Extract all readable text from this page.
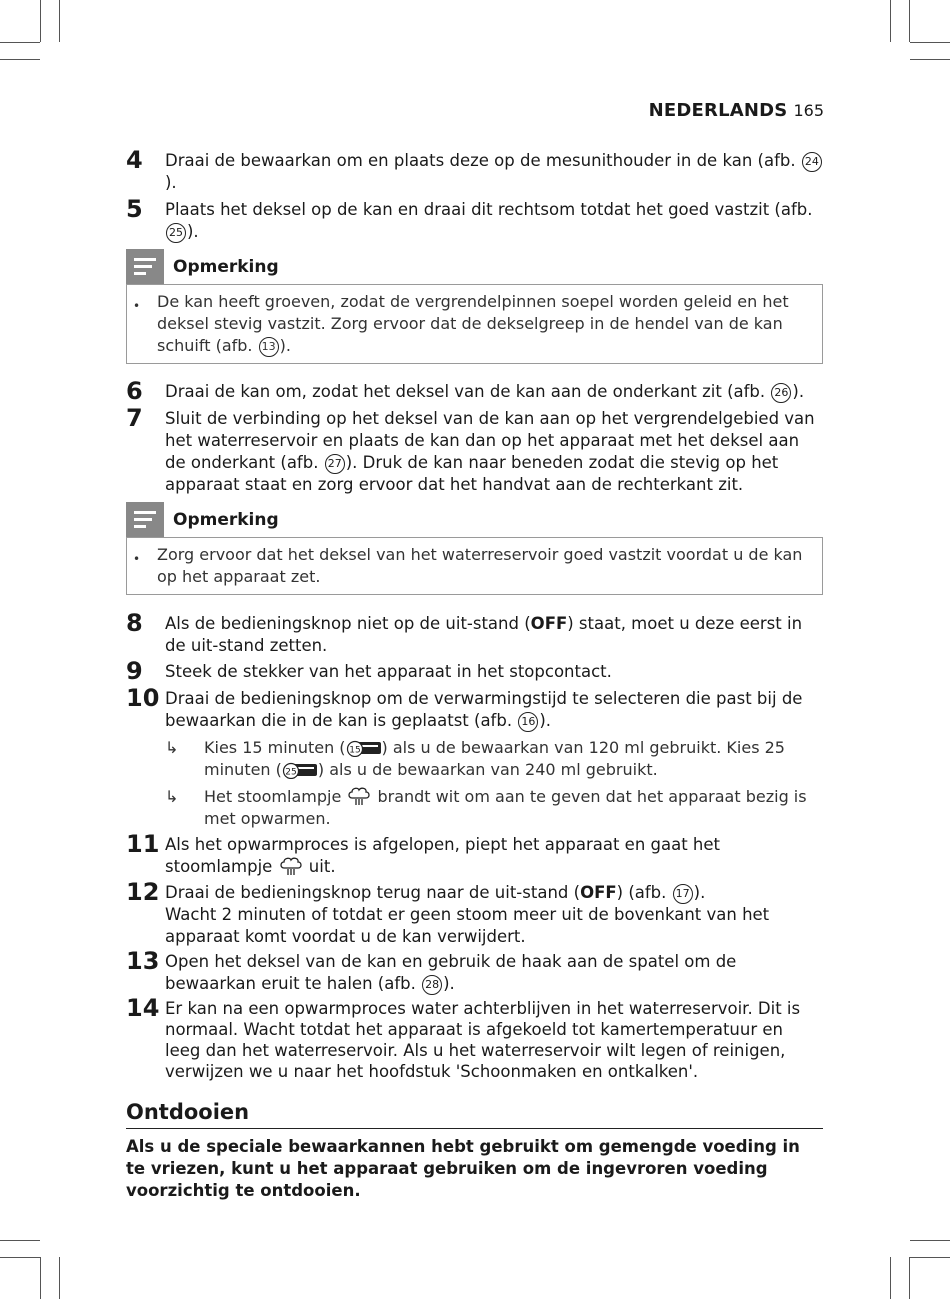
NEDERLANDS 165
4 Draai de bewaarkan om en plaats deze op de mesunithouder in de kan (afb. 24).
5 Plaats het deksel op de kan en draai dit rechtsom totdat het goed vastzit (afb. 25 ).
Opmerking
• De kan heeft groeven, zodat de vergrendelpinnen soepel worden geleid en het deksel stevig vastzit. Zorg ervoor dat de dekselgreep in de hendel van de kan schuift (afb. 13 ).
6 Draai de kan om, zodat het deksel van de kan aan de onderkant zit (afb. 26 ).
7 Sluit de verbinding op het deksel van de kan aan op het vergrendelgebied van het waterreservoir en plaats de kan dan op het apparaat met het deksel aan de onderkant (afb. 27 ). Druk de kan naar beneden zodat die stevig op het apparaat staat en zorg ervoor dat het handvat aan de rechterkant zit.
Opmerking
• Zorg ervoor dat het deksel van het waterreservoir goed vastzit voordat u de kan op het apparaat zet.
8 Als de bedieningsknop niet op de uit-stand (OFF) staat, moet u deze eerst in de uit-stand zetten.
9 Steek de stekker van het apparaat in het stopcontact.
10 Draai de bedieningsknop om de verwarmingstijd te selecteren die past bij de bewaarkan die in de kan is geplaatst (afb. 16 ).
↳ Kies 15 minuten ( 15 ) als u de bewaarkan van 120 ml gebruikt. Kies 25 minuten ( 25 ) als u de bewaarkan van 240 ml gebruikt.
↳ Het stoomlampje  brandt wit om aan te geven dat het apparaat bezig is met opwarmen.
11 Als het opwarmproces is afgelopen, piept het apparaat en gaat het stoomlampje  uit.
12 Draai de bedieningsknop terug naar de uit-stand (OFF) (afb. 17 ).
Wacht 2 minuten of totdat er geen stoom meer uit de bovenkant van het apparaat komt voordat u de kan verwijdert.
13 Open het deksel van de kan en gebruik de haak aan de spatel om de bewaarkan eruit te halen (afb. 28 ).
14 Er kan na een opwarmproces water achterblijven in het waterreservoir. Dit is normaal. Wacht totdat het apparaat is afgekoeld tot kamertemperatuur en leeg dan het waterreservoir. Als u het waterreservoir wilt legen of reinigen, verwijzen we u naar het hoofdstuk 'Schoonmaken en ontkalken'.
Ontdooien
Als u de speciale bewaarkannen hebt gebruikt om gemengde voeding in te vriezen, kunt u het apparaat gebruiken om de ingevroren voeding voorzichtig te ontdooien.
